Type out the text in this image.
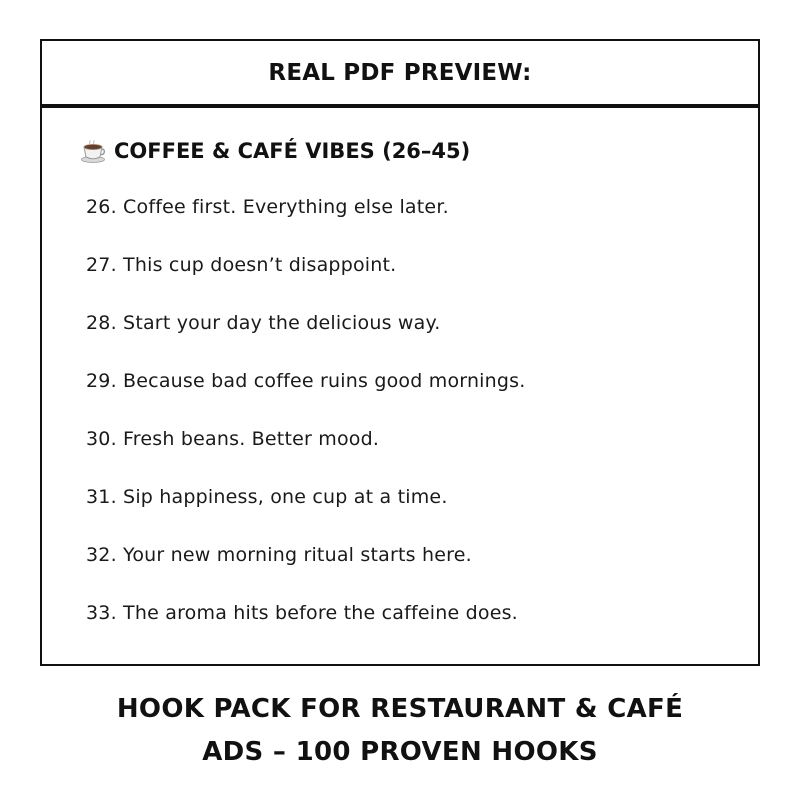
REAL PDF PREVIEW:
COFFEE & CAFÉ VIBES (26–45)
26. Coffee first. Everything else later.
27. This cup doesn’t disappoint.
28. Start your day the delicious way.
29. Because bad coffee ruins good mornings.
30. Fresh beans. Better mood.
31. Sip happiness, one cup at a time.
32. Your new morning ritual starts here.
33. The aroma hits before the caffeine does.
HOOK PACK FOR RESTAURANT & CAFÉ
ADS – 100 PROVEN HOOKS
